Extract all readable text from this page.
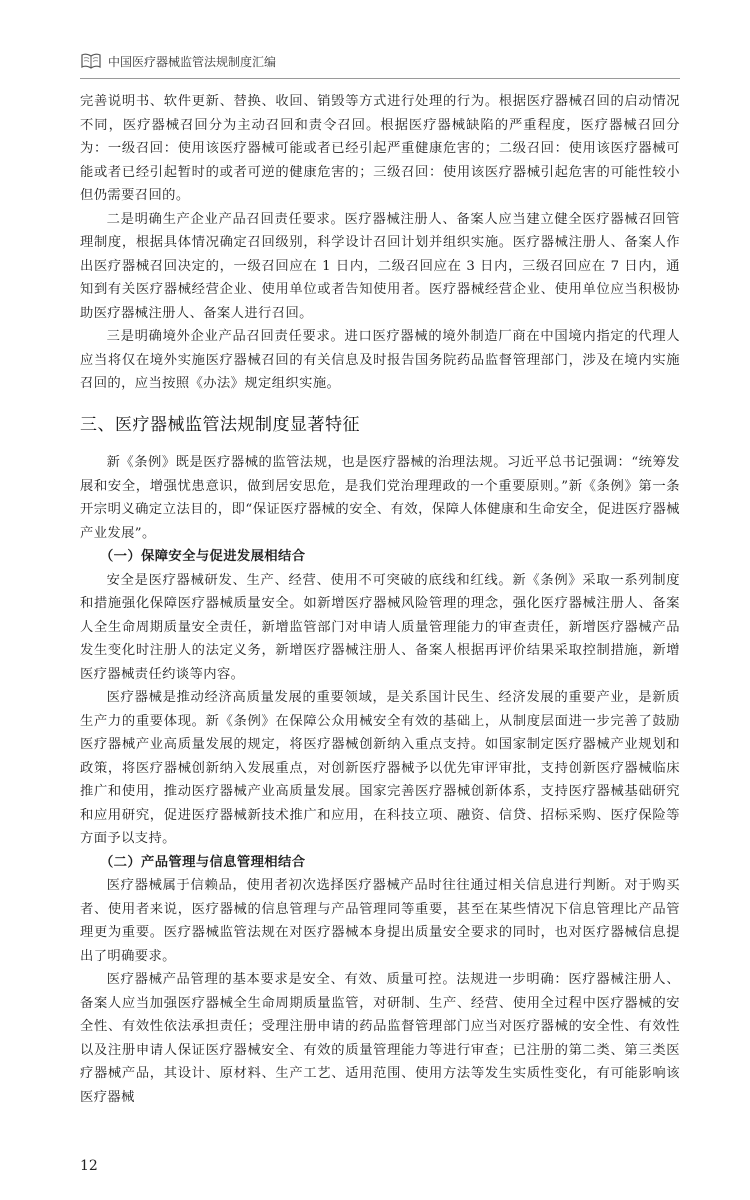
中国医疗器械监管法规制度汇编

完善说明书、软件更新、替换、收回、销毁等方式进行处理的行为。根据医疗器械召回的启动情况不同，医疗器械召回分为主动召回和责令召回。根据医疗器械缺陷的严重程度，医疗器械召回分为：一级召回：使用该医疗器械可能或者已经引起严重健康危害的；二级召回：使用该医疗器械可能或者已经引起暂时的或者可逆的健康危害的；三级召回：使用该医疗器械引起危害的可能性较小但仍需要召回的。

二是明确生产企业产品召回责任要求。医疗器械注册人、备案人应当建立健全医疗器械召回管理制度，根据具体情况确定召回级别，科学设计召回计划并组织实施。医疗器械注册人、备案人作出医疗器械召回决定的，一级召回应在 1 日内，二级召回应在 3 日内，三级召回应在 7 日内，通知到有关医疗器械经营企业、使用单位或者告知使用者。医疗器械经营企业、使用单位应当积极协助医疗器械注册人、备案人进行召回。

三是明确境外企业产品召回责任要求。进口医疗器械的境外制造厂商在中国境内指定的代理人应当将仅在境外实施医疗器械召回的有关信息及时报告国务院药品监督管理部门，涉及在境内实施召回的，应当按照《办法》规定组织实施。

三、医疗器械监管法规制度显著特征

新《条例》既是医疗器械的监管法规，也是医疗器械的治理法规。习近平总书记强调：“统筹发展和安全，增强忧患意识，做到居安思危，是我们党治理理政的一个重要原则。”新《条例》第一条开宗明义确定立法目的，即“保证医疗器械的安全、有效，保障人体健康和生命安全，促进医疗器械产业发展”。

（一）保障安全与促进发展相结合

安全是医疗器械研发、生产、经营、使用不可突破的底线和红线。新《条例》采取一系列制度和措施强化保障医疗器械质量安全。如新增医疗器械风险管理的理念，强化医疗器械注册人、备案人全生命周期质量安全责任，新增监管部门对申请人质量管理能力的审查责任，新增医疗器械产品发生变化时注册人的法定义务，新增医疗器械注册人、备案人根据再评价结果采取控制措施，新增医疗器械责任约谈等内容。

医疗器械是推动经济高质量发展的重要领域，是关系国计民生、经济发展的重要产业，是新质生产力的重要体现。新《条例》在保障公众用械安全有效的基础上，从制度层面进一步完善了鼓励医疗器械产业高质量发展的规定，将医疗器械创新纳入重点支持。如国家制定医疗器械产业规划和政策，将医疗器械创新纳入发展重点，对创新医疗器械予以优先审评审批，支持创新医疗器械临床推广和使用，推动医疗器械产业高质量发展。国家完善医疗器械创新体系，支持医疗器械基础研究和应用研究，促进医疗器械新技术推广和应用，在科技立项、融资、信贷、招标采购、医疗保险等方面予以支持。

（二）产品管理与信息管理相结合

医疗器械属于信赖品，使用者初次选择医疗器械产品时往往通过相关信息进行判断。对于购买者、使用者来说，医疗器械的信息管理与产品管理同等重要，甚至在某些情况下信息管理比产品管理更为重要。医疗器械监管法规在对医疗器械本身提出质量安全要求的同时，也对医疗器械信息提出了明确要求。

医疗器械产品管理的基本要求是安全、有效、质量可控。法规进一步明确：医疗器械注册人、备案人应当加强医疗器械全生命周期质量监管，对研制、生产、经营、使用全过程中医疗器械的安全性、有效性依法承担责任；受理注册申请的药品监督管理部门应当对医疗器械的安全性、有效性以及注册申请人保证医疗器械安全、有效的质量管理能力等进行审查；已注册的第二类、第三类医疗器械产品，其设计、原材料、生产工艺、适用范围、使用方法等发生实质性变化，有可能影响该医疗器械

12
